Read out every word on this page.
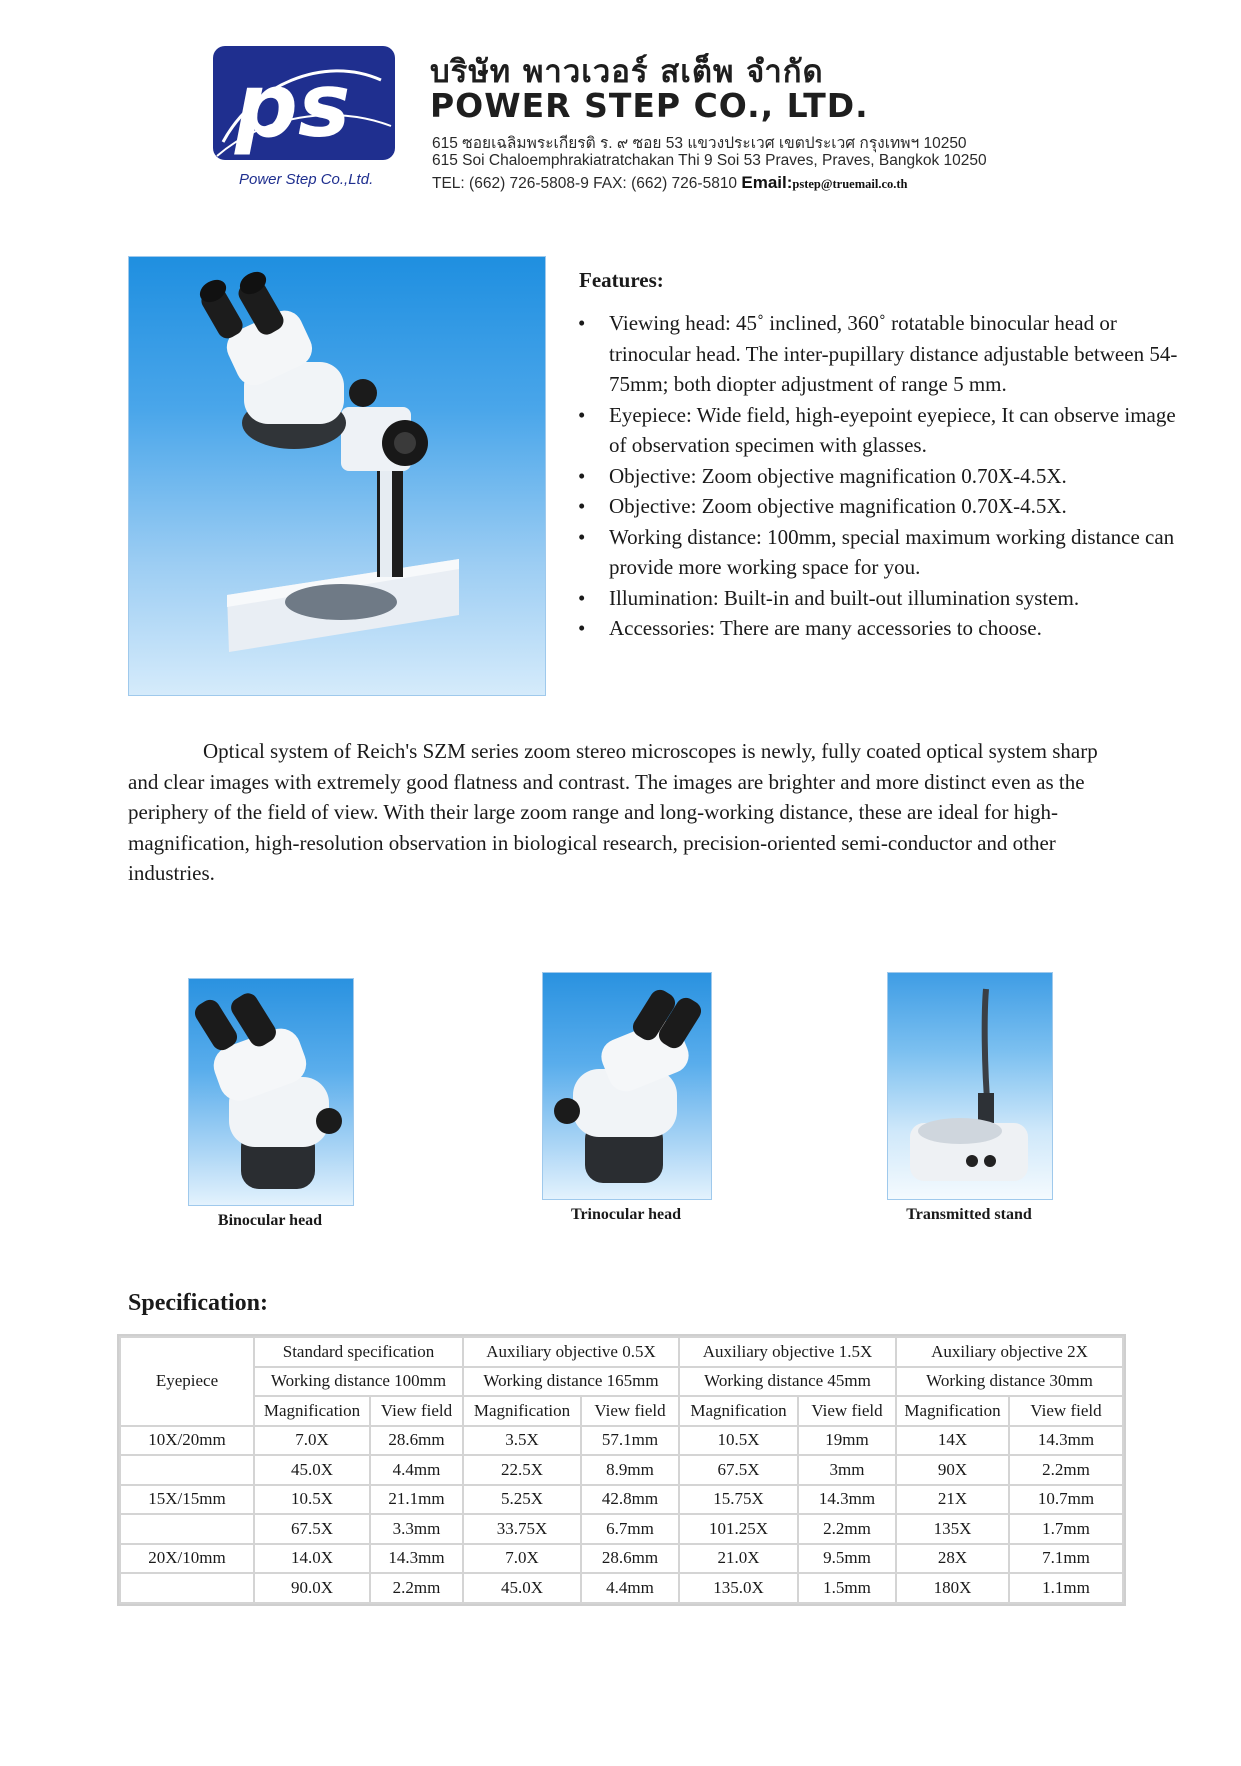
ps
Power Step Co.,Ltd.
บริษัท พาวเวอร์ สเต็พ จำกัด
POWER STEP CO., LTD.
615 ซอยเฉลิมพระเกียรติ ร. ๙ ซอย 53 แขวงประเวศ เขตประเวศ กรุงเทพฯ 10250
615 Soi Chaloemphrakiatratchakan Thi 9 Soi 53 Praves, Praves, Bangkok 10250
TEL: (662) 726-5808-9 FAX: (662) 726-5810 Email:pstep@truemail.co.th
Features:
• Viewing head: 45˚ inclined, 360˚ rotatable binocular head or trinocular head. The inter-pupillary distance adjustable between 54-75mm; both diopter adjustment of range 5 mm.
• Eyepiece: Wide field, high-eyepoint eyepiece, It can observe image of observation specimen with glasses.
• Objective: Zoom objective magnification 0.70X-4.5X.
• Objective: Zoom objective magnification 0.70X-4.5X.
• Working distance: 100mm, special maximum working distance can provide more working space for you.
• Illumination: Built-in and built-out illumination system.
• Accessories: There are many accessories to choose.

Optical system of Reich's SZM series zoom stereo microscopes is newly, fully coated optical system sharp and clear images with extremely good flatness and contrast. The images are brighter and more distinct even as the periphery of the field of view. With their large zoom range and long-working distance, these are ideal for high-magnification, high-resolution observation in biological research, precision-oriented semi-conductor and other industries.

Binocular head	Trinocular head	Transmitted stand
Specification:
Eyepiece	Standard specification		Auxiliary objective 0.5X		Auxiliary objective 1.5X		Auxiliary objective 2X	
	Working distance 100mm		Working distance 165mm		Working distance 45mm		Working distance 30mm	
	Magnification	View field	Magnification	View field	Magnification	View field	Magnification	View field
10X/20mm	7.0X	28.6mm	3.5X	57.1mm	10.5X	19mm	14X	14.3mm
	45.0X	4.4mm	22.5X	8.9mm	67.5X	3mm	90X	2.2mm
15X/15mm	10.5X	21.1mm	5.25X	42.8mm	15.75X	14.3mm	21X	10.7mm
	67.5X	3.3mm	33.75X	6.7mm	101.25X	2.2mm	135X	1.7mm
20X/10mm	14.0X	14.3mm	7.0X	28.6mm	21.0X	9.5mm	28X	7.1mm
	90.0X	2.2mm	45.0X	4.4mm	135.0X	1.5mm	180X	1.1mm
